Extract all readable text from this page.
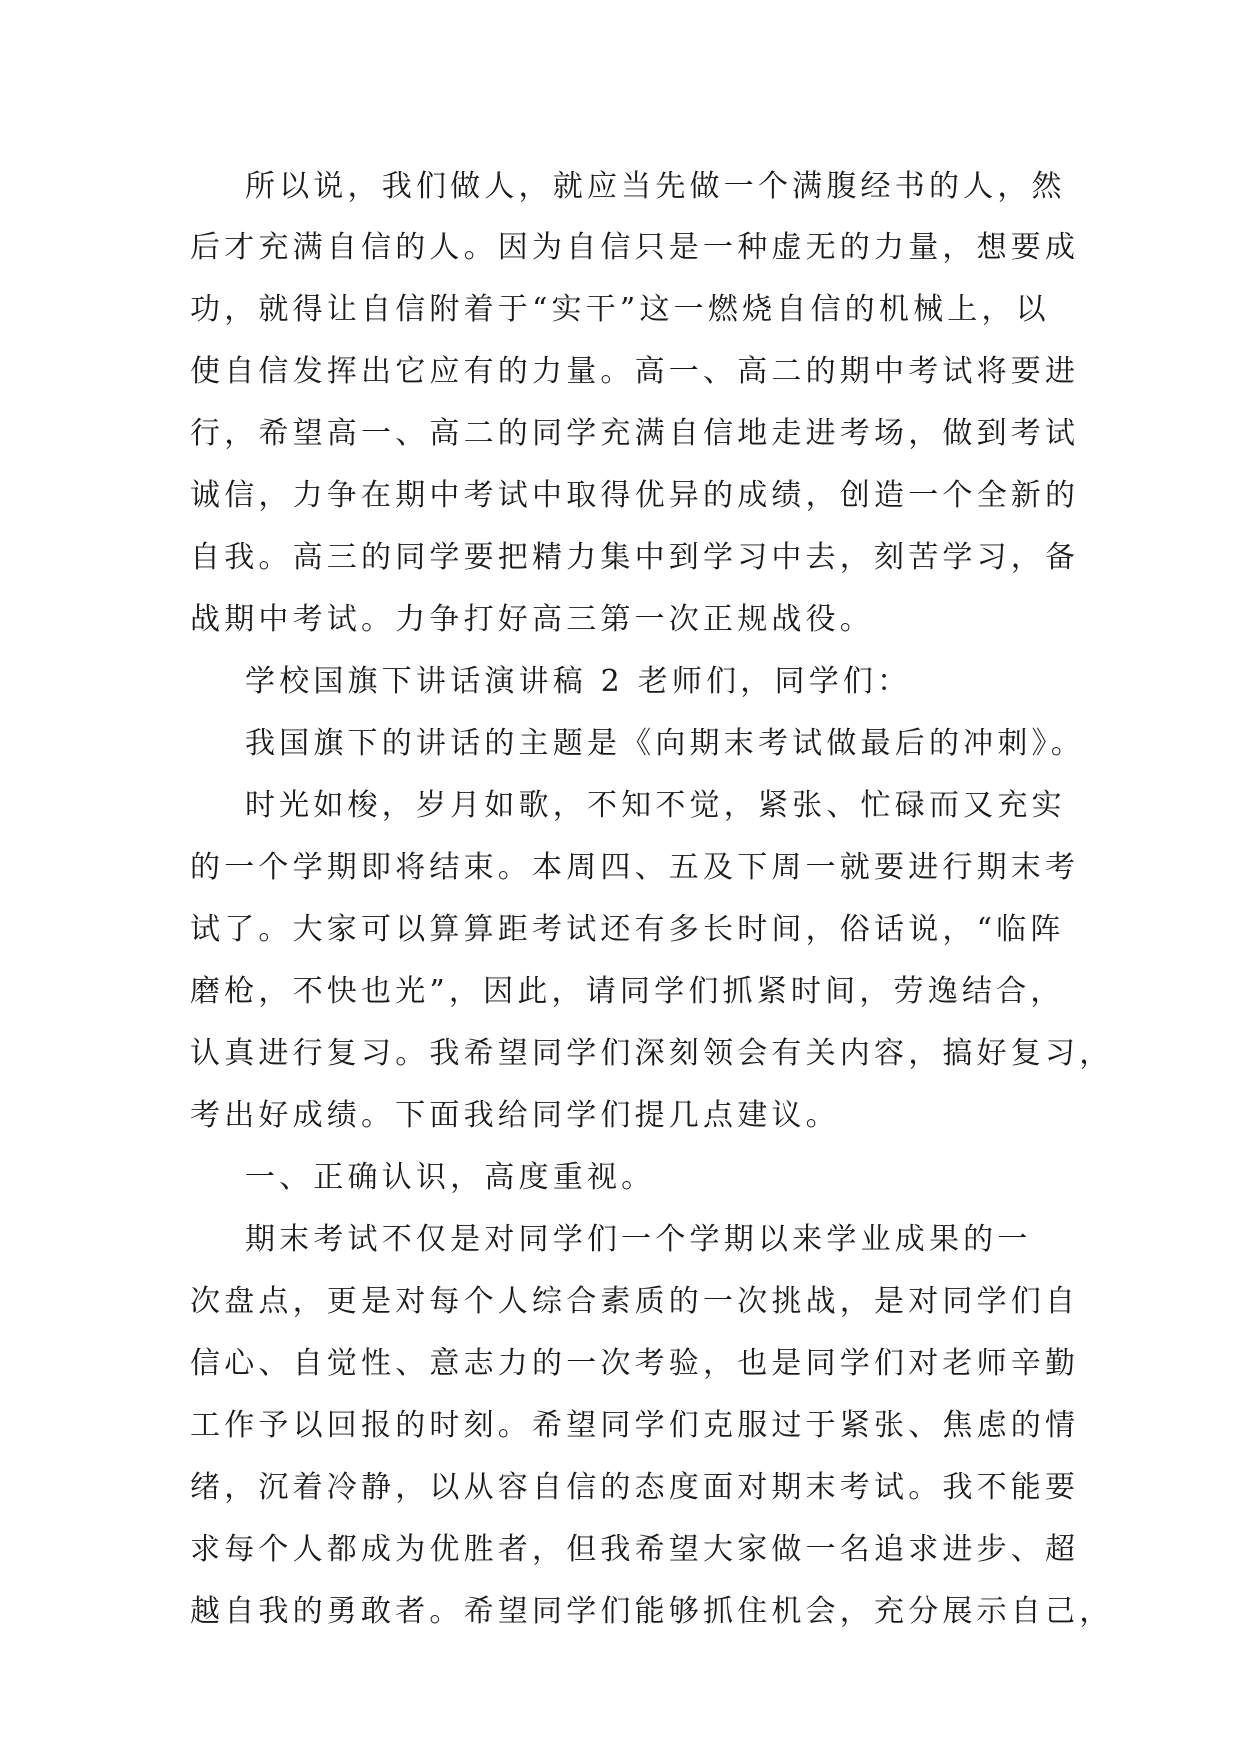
所以说，我们做人，就应当先做一个满腹经书的人，然
后才充满自信的人。因为自信只是一种虚无的力量，想要成
功，就得让自信附着于“实干”这一燃烧自信的机械上，以
使自信发挥出它应有的力量。高一、高二的期中考试将要进
行，希望高一、高二的同学充满自信地走进考场，做到考试
诚信，力争在期中考试中取得优异的成绩，创造一个全新的
自我。高三的同学要把精力集中到学习中去，刻苦学习，备
战期中考试。力争打好高三第一次正规战役。
学校国旗下讲话演讲稿 2 老师们，同学们：
我国旗下的讲话的主题是《向期末考试做最后的冲刺》。
时光如梭，岁月如歌，不知不觉，紧张、忙碌而又充实
的一个学期即将结束。本周四、五及下周一就要进行期末考
试了。大家可以算算距考试还有多长时间，俗话说，“临阵
磨枪，不快也光”，因此，请同学们抓紧时间，劳逸结合，
认真进行复习。我希望同学们深刻领会有关内容，搞好复习，
考出好成绩。下面我给同学们提几点建议。
一、正确认识，高度重视。
期末考试不仅是对同学们一个学期以来学业成果的一
次盘点，更是对每个人综合素质的一次挑战，是对同学们自
信心、自觉性、意志力的一次考验，也是同学们对老师辛勤
工作予以回报的时刻。希望同学们克服过于紧张、焦虑的情
绪，沉着冷静，以从容自信的态度面对期末考试。我不能要
求每个人都成为优胜者，但我希望大家做一名追求进步、超
越自我的勇敢者。希望同学们能够抓住机会，充分展示自己，
